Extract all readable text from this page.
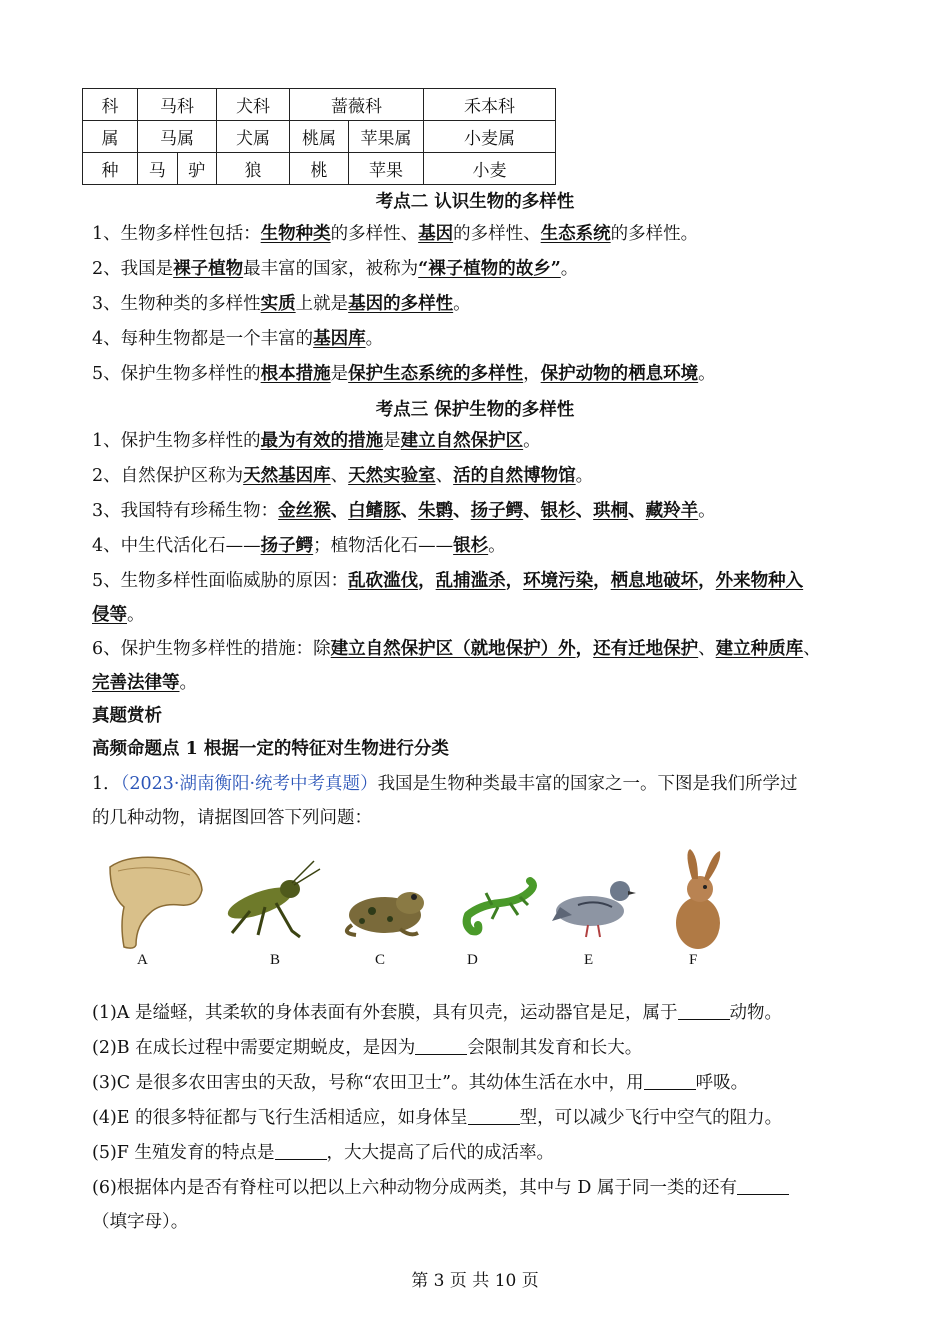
科	马科		犬科	蔷薇科		禾本科
属	马属		犬属	桃属	苹果属	小麦属
种	马	驴	狼	桃	苹果	小麦
考点二 认识生物的多样性
1、生物多样性包括：生物种类的多样性、基因的多样性、生态系统的多样性。
2、我国是裸子植物最丰富的国家，被称为“裸子植物的故乡”。
3、生物种类的多样性实质上就是基因的多样性。
4、每种生物都是一个丰富的基因库。
5、保护生物多样性的根本措施是保护生态系统的多样性，保护动物的栖息环境。
考点三 保护生物的多样性
1、保护生物多样性的最为有效的措施是建立自然保护区。
2、自然保护区称为天然基因库、天然实验室、活的自然博物馆。
3、我国特有珍稀生物：金丝猴、白鳍豚、朱鹮、扬子鳄、银杉、珙桐、藏羚羊。
4、中生代活化石——扬子鳄；植物活化石——银杉。
5、生物多样性面临威胁的原因：乱砍滥伐，乱捕滥杀，环境污染，栖息地破坏，外来物种入
侵等。
6、保护生物多样性的措施：除建立自然保护区（就地保护）外，还有迁地保护、建立种质库、
完善法律等。
真题赏析
高频命题点 1 根据一定的特征对生物进行分类
1．（2023·湖南衡阳·统考中考真题）我国是生物种类最丰富的国家之一。下图是我们所学过
的几种动物，请据图回答下列问题：
A	B	C	D	E	F
(1)A 是缢蛏，其柔软的身体表面有外套膜，具有贝壳，运动器官是足，属于	动物。
(2)B 在成长过程中需要定期蜕皮，是因为	会限制其发育和长大。
(3)C 是很多农田害虫的天敌，号称“农田卫士”。其幼体生活在水中，用	呼吸。
(4)E 的很多特征都与飞行生活相适应，如身体呈	型，可以减少飞行中空气的阻力。
(5)F 生殖发育的特点是	，大大提高了后代的成活率。
(6)根据体内是否有脊柱可以把以上六种动物分成两类，其中与 D 属于同一类的还有
（填字母）。
第 3 页 共 10 页
